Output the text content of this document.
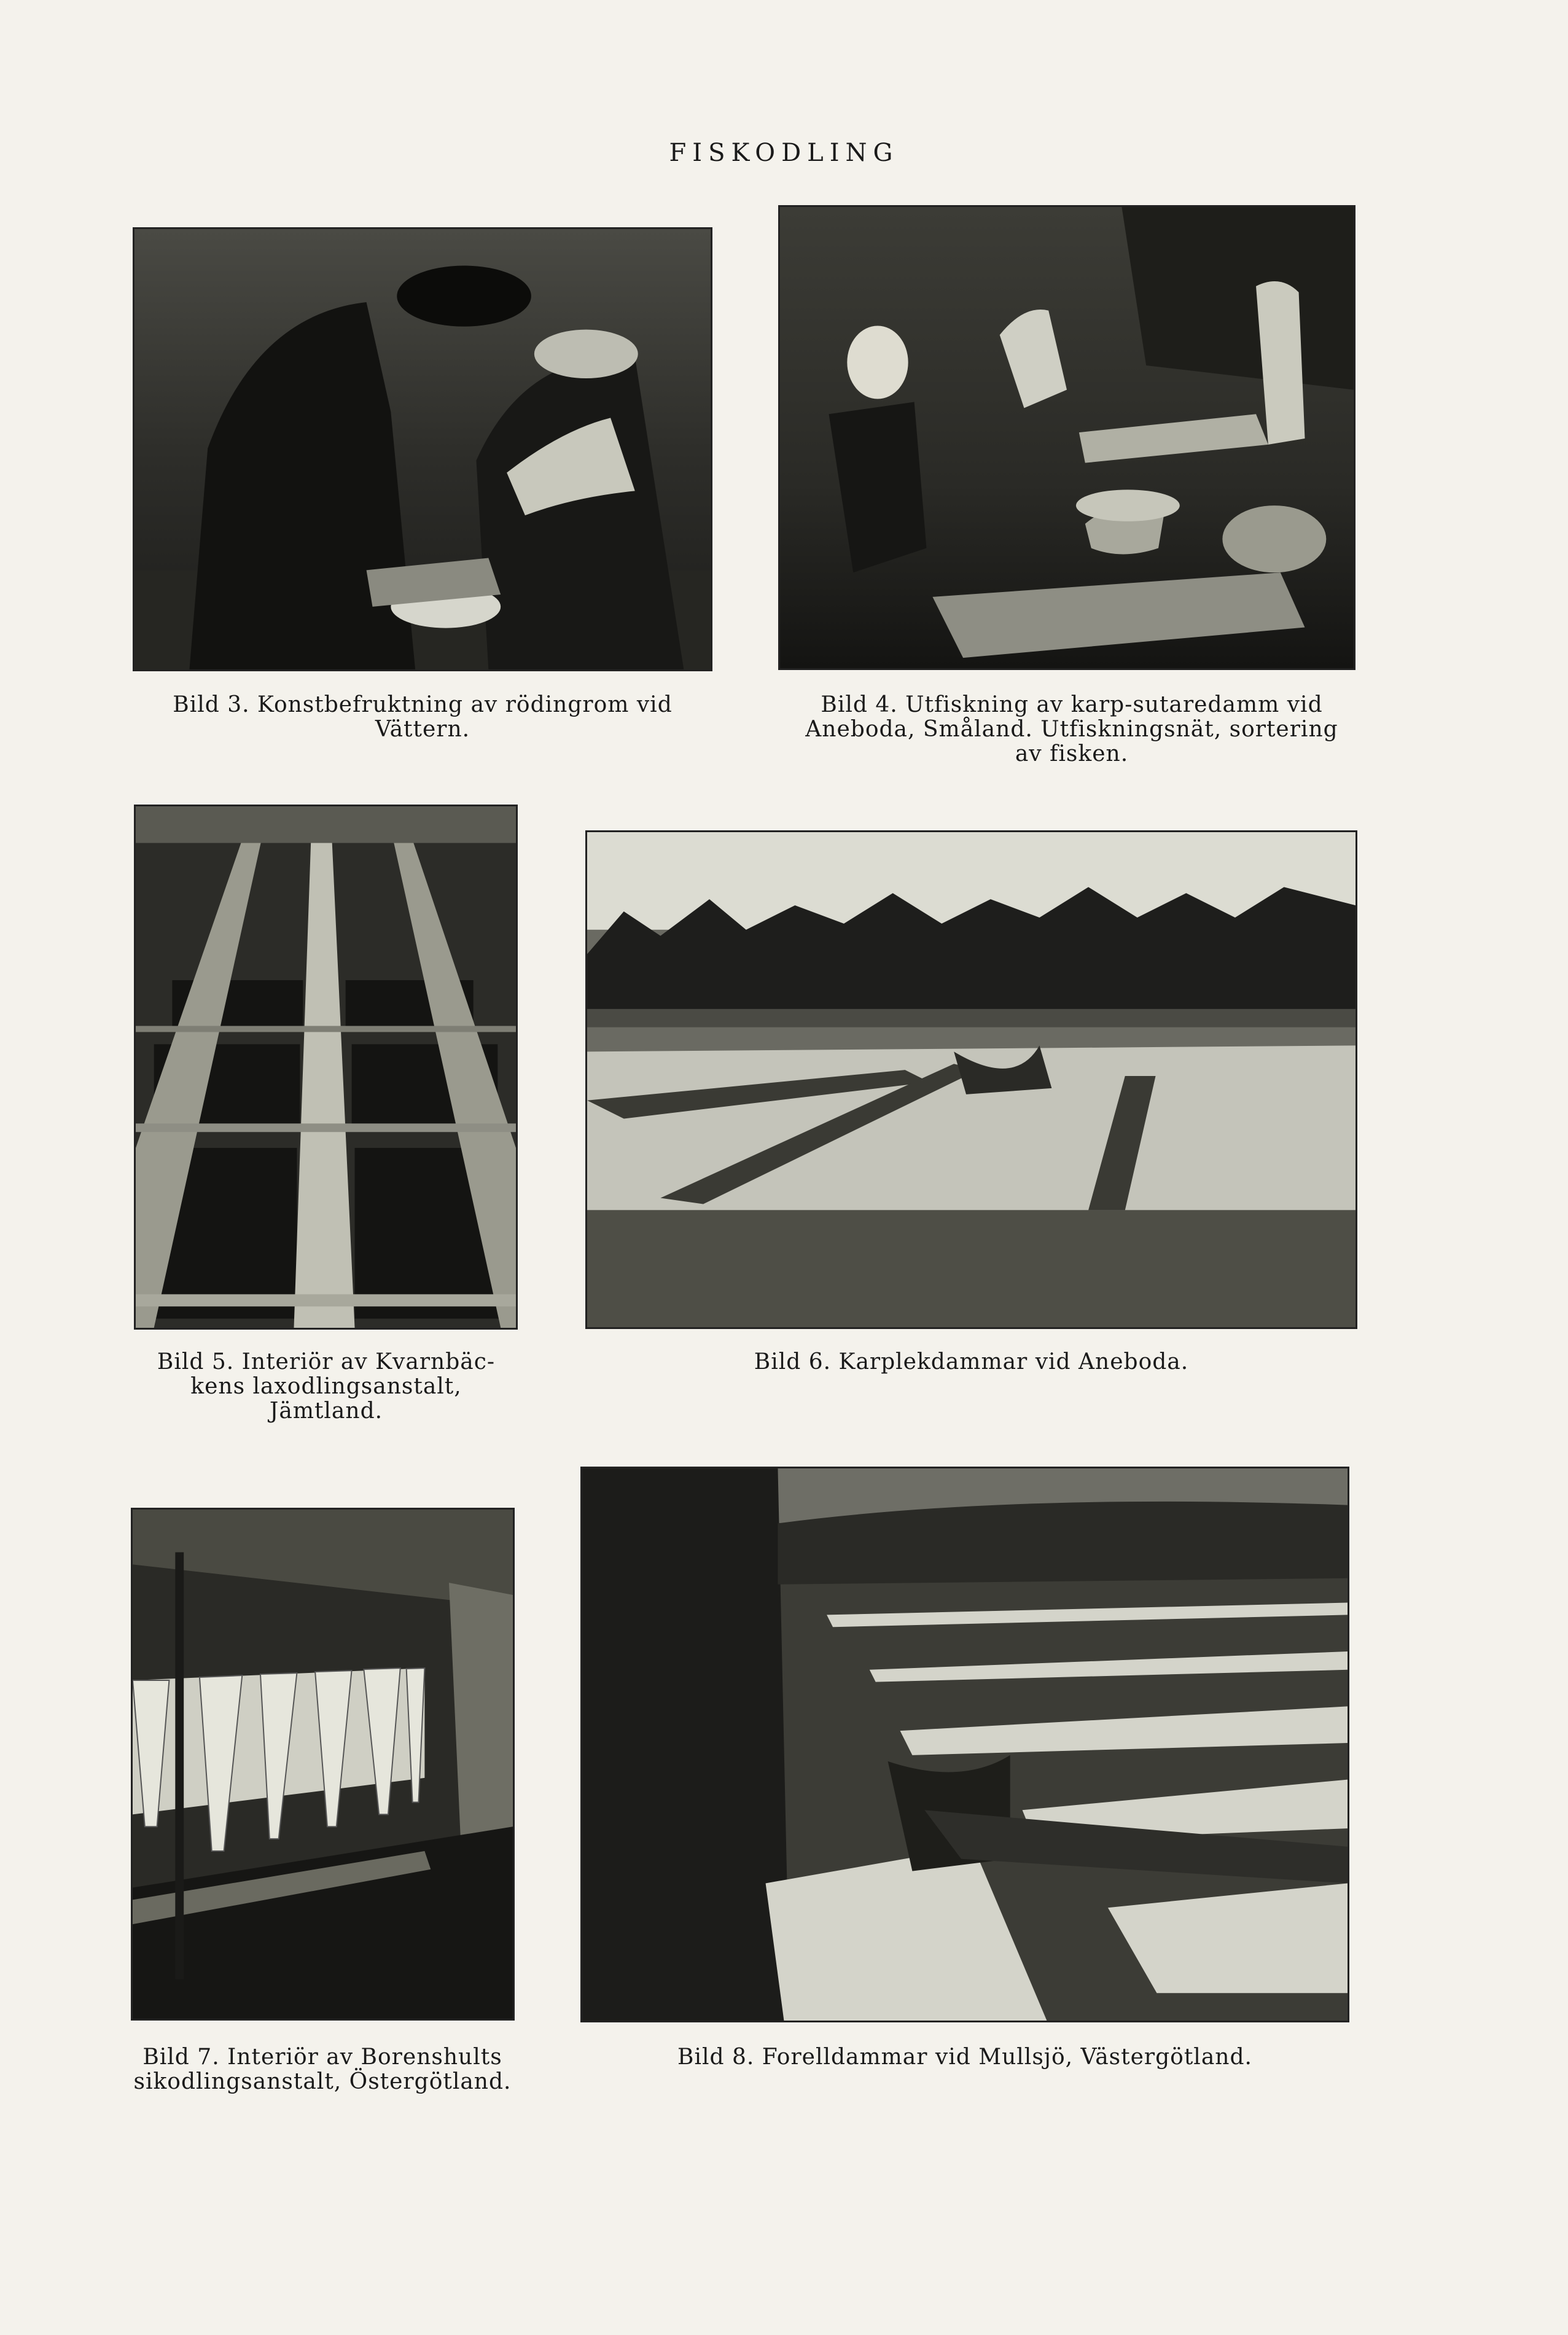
FISKODLING
Bild 3. Konstbefruktning av rödingrom vid
Vättern.
Bild 4. Utfiskning av karp-sutaredamm vid
Aneboda, Småland. Utfiskningsnät, sortering
av fisken.
Bild 5. Interiör av Kvarnbäc-
kens laxodlingsanstalt,
Jämtland.
Bild 6. Karplekdammar vid Aneboda.
Bild 7. Interiör av Borenshults
sikodlingsanstalt, Östergötland.
Bild 8. Forelldammar vid Mullsjö, Västergötland.
